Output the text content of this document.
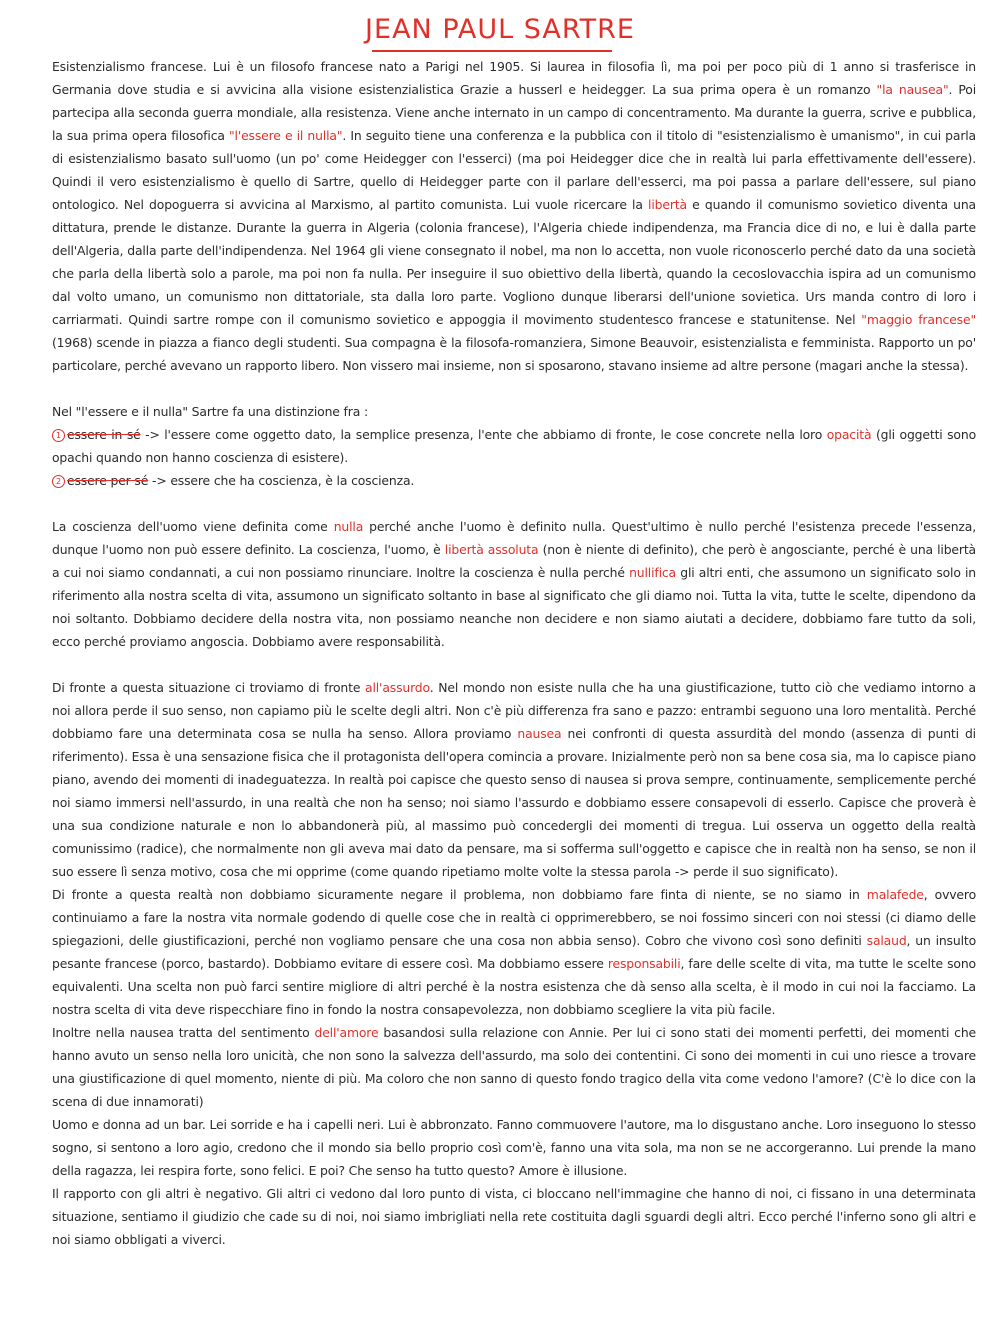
JEAN PAUL SARTRE

Esistenzialismo francese. Lui è un filosofo francese nato a Parigi nel 1905. Si laurea in filosofia lì, ma poi per poco più di 1 anno si trasferisce in Germania dove studia e si avvicina alla visione esistenzialistica Grazie a husserl e heidegger. La sua prima opera è un romanzo "la nausea". Poi partecipa alla seconda guerra mondiale, alla resistenza. Viene anche internato in un campo di concentramento. Ma durante la guerra, scrive e pubblica, la sua prima opera filosofica "l'essere e il nulla". In seguito tiene una conferenza e la pubblica con il titolo di "esistenzialismo è umanismo", in cui parla di esistenzialismo basato sull'uomo (un po' come Heidegger con l'esserci) (ma poi Heidegger dice che in realtà lui parla effettivamente dell'essere). Quindi il vero esistenzialismo è quello di Sartre, quello di Heidegger parte con il parlare dell'esserci, ma poi passa a parlare dell'essere, sul piano ontologico. Nel dopoguerra si avvicina al Marxismo, al partito comunista. Lui vuole ricercare la libertà e quando il comunismo sovietico diventa una dittatura, prende le distanze. Durante la guerra in Algeria (colonia francese), l'Algeria chiede indipendenza, ma Francia dice di no, e lui è dalla parte dell'Algeria, dalla parte dell'indipendenza. Nel 1964 gli viene consegnato il nobel, ma non lo accetta, non vuole riconoscerlo perché dato da una società che parla della libertà solo a parole, ma poi non fa nulla. Per inseguire il suo obiettivo della libertà, quando la cecoslovacchia ispira ad un comunismo dal volto umano, un comunismo non dittatoriale, sta dalla loro parte. Vogliono dunque liberarsi dell'unione sovietica. Urs manda contro di loro i carriarmati. Quindi sartre rompe con il comunismo sovietico e appoggia il movimento studentesco francese e statunitense. Nel "maggio francese" (1968) scende in piazza a fianco degli studenti. Sua compagna è la filosofa-romanziera, Simone Beauvoir, esistenzialista e femminista. Rapporto un po' particolare, perché avevano un rapporto libero. Non vissero mai insieme, non si sposarono, stavano insieme ad altre persone (magari anche la stessa).

Nel "l'essere e il nulla" Sartre fa una distinzione fra :

1 essere in sé -> l'essere come oggetto dato, la semplice presenza, l'ente che abbiamo di fronte, le cose concrete nella loro opacità (gli oggetti sono opachi quando non hanno coscienza di esistere).

2 essere per sé -> essere che ha coscienza, è la coscienza.

La coscienza dell'uomo viene definita come nulla perché anche l'uomo è definito nulla. Quest'ultimo è nullo perché l'esistenza precede l'essenza, dunque l'uomo non può essere definito. La coscienza, l'uomo, è libertà assoluta (non è niente di definito), che però è angosciante, perché è una libertà a cui noi siamo condannati, a cui non possiamo rinunciare. Inoltre la coscienza è nulla perché nullifica gli altri enti, che assumono un significato solo in riferimento alla nostra scelta di vita, assumono un significato soltanto in base al significato che gli diamo noi. Tutta la vita, tutte le scelte, dipendono da noi soltanto. Dobbiamo decidere della nostra vita, non possiamo neanche non decidere e non siamo aiutati a decidere, dobbiamo fare tutto da soli, ecco perché proviamo angoscia. Dobbiamo avere responsabilità.

Di fronte a questa situazione ci troviamo di fronte all'assurdo. Nel mondo non esiste nulla che ha una giustificazione, tutto ciò che vediamo intorno a noi allora perde il suo senso, non capiamo più le scelte degli altri. Non c'è più differenza fra sano e pazzo: entrambi seguono una loro mentalità. Perché dobbiamo fare una determinata cosa se nulla ha senso. Allora proviamo nausea nei confronti di questa assurdità del mondo (assenza di punti di riferimento). Essa è una sensazione fisica che il protagonista dell'opera comincia a provare. Inizialmente però non sa bene cosa sia, ma lo capisce piano piano, avendo dei momenti di inadeguatezza. In realtà poi capisce che questo senso di nausea si prova sempre, continuamente, semplicemente perché noi siamo immersi nell'assurdo, in una realtà che non ha senso; noi siamo l'assurdo e dobbiamo essere consapevoli di esserlo. Capisce che proverà è una sua condizione naturale e non lo abbandonerà più, al massimo può concedergli dei momenti di tregua. Lui osserva un oggetto della realtà comunissimo (radice), che normalmente non gli aveva mai dato da pensare, ma si sofferma sull'oggetto e capisce che in realtà non ha senso, se non il suo essere lì senza motivo, cosa che mi opprime (come quando ripetiamo molte volte la stessa parola -> perde il suo significato).

Di fronte a questa realtà non dobbiamo sicuramente negare il problema, non dobbiamo fare finta di niente, se no siamo in malafede, ovvero continuiamo a fare la nostra vita normale godendo di quelle cose che in realtà ci opprimerebbero, se noi fossimo sinceri con noi stessi (ci diamo delle spiegazioni, delle giustificazioni, perché non vogliamo pensare che una cosa non abbia senso). Cobro che vivono così sono definiti salaud, un insulto pesante francese (porco, bastardo). Dobbiamo evitare di essere così. Ma dobbiamo essere responsabili, fare delle scelte di vita, ma tutte le scelte sono equivalenti. Una scelta non può farci sentire migliore di altri perché è la nostra esistenza che dà senso alla scelta, è il modo in cui noi la facciamo. La nostra scelta di vita deve rispecchiare fino in fondo la nostra consapevolezza, non dobbiamo scegliere la vita più facile.

Inoltre nella nausea tratta del sentimento dell'amore basandosi sulla relazione con Annie. Per lui ci sono stati dei momenti perfetti, dei momenti che hanno avuto un senso nella loro unicità, che non sono la salvezza dell'assurdo, ma solo dei contentini. Ci sono dei momenti in cui uno riesce a trovare una giustificazione di quel momento, niente di più. Ma coloro che non sanno di questo fondo tragico della vita come vedono l'amore? (C'è lo dice con la scena di due innamorati)

Uomo e donna ad un bar. Lei sorride e ha i capelli neri. Lui è abbronzato. Fanno commuovere l'autore, ma lo disgustano anche. Loro inseguono lo stesso sogno, si sentono a loro agio, credono che il mondo sia bello proprio così com'è, fanno una vita sola, ma non se ne accorgeranno. Lui prende la mano della ragazza, lei respira forte, sono felici. E poi? Che senso ha tutto questo? Amore è illusione.

Il rapporto con gli altri è negativo. Gli altri ci vedono dal loro punto di vista, ci bloccano nell'immagine che hanno di noi, ci fissano in una determinata situazione, sentiamo il giudizio che cade su di noi, noi siamo imbrigliati nella rete costituita dagli sguardi degli altri. Ecco perché l'inferno sono gli altri e noi siamo obbligati a viverci.
